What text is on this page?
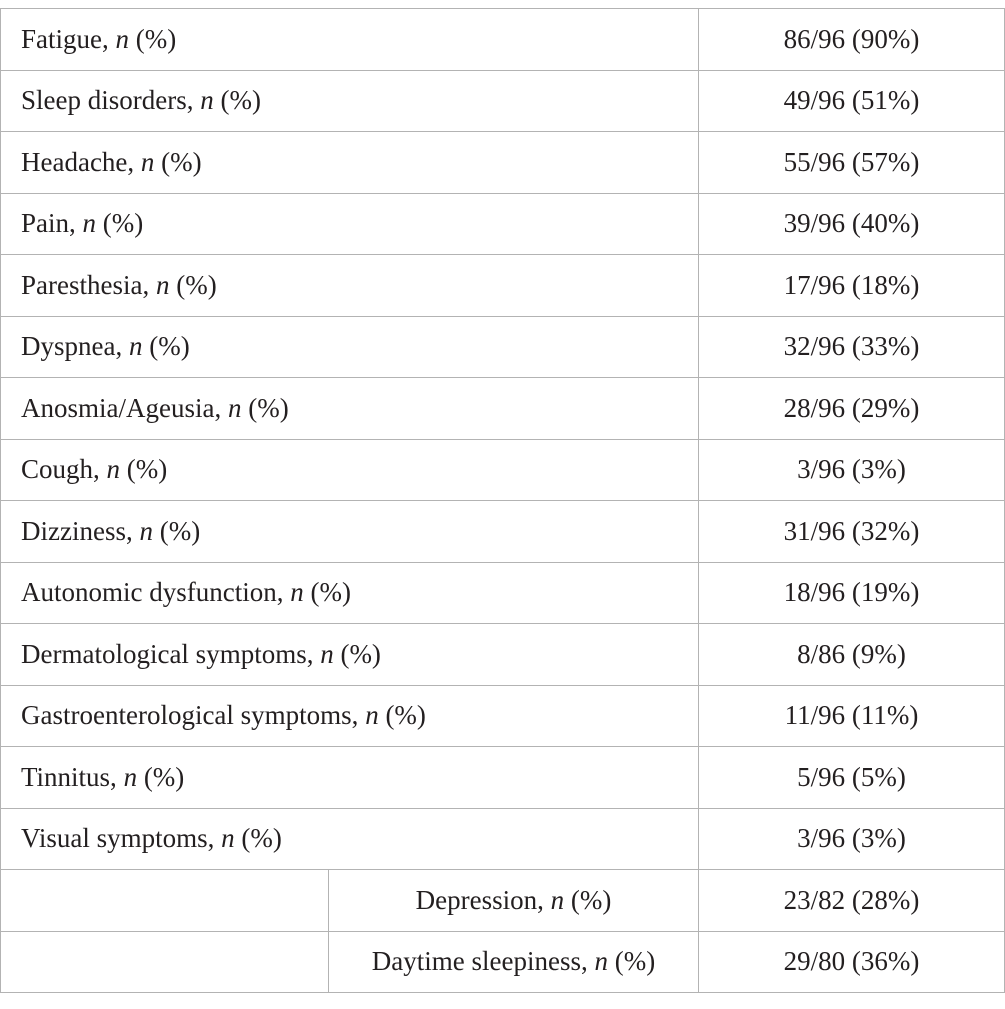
Fatigue, n (%)		86/96 (90%)
Sleep disorders, n (%)		49/96 (51%)
Headache, n (%)		55/96 (57%)
Pain, n (%)		39/96 (40%)
Paresthesia, n (%)		17/96 (18%)
Dyspnea, n (%)		32/96 (33%)
Anosmia/Ageusia, n (%)		28/96 (29%)
Cough, n (%)		3/96 (3%)
Dizziness, n (%)		31/96 (32%)
Autonomic dysfunction, n (%)		18/96 (19%)
Dermatological symptoms, n (%)		8/86 (9%)
Gastroenterological symptoms, n (%)		11/96 (11%)
Tinnitus, n (%)		5/96 (5%)
Visual symptoms, n (%)		3/96 (3%)
	Depression, n (%)	23/82 (28%)
	Daytime sleepiness, n (%)	29/80 (36%)
